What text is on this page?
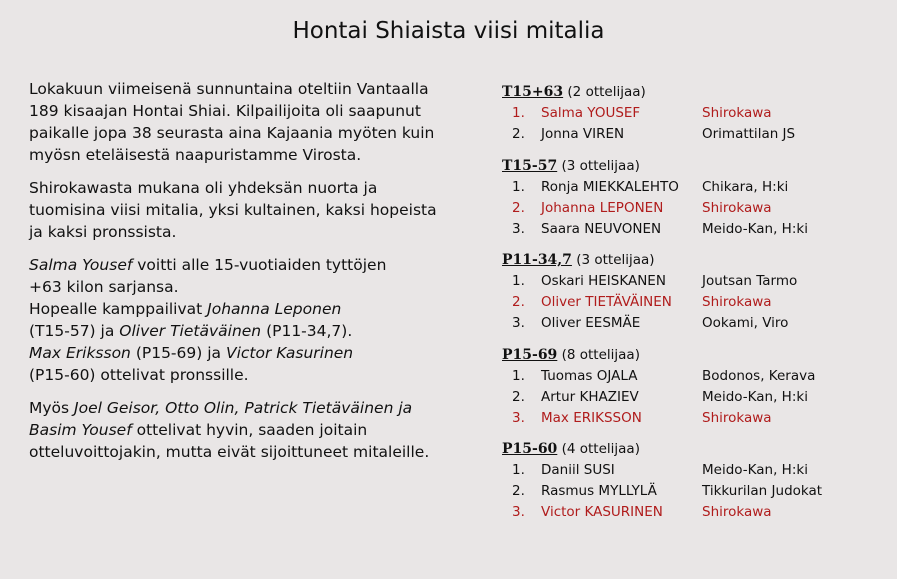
Hontai Shiaista viisi mitalia

Lokakuun viimeisenä sunnuntaina oteltiin Vantaalla
189 kisaajan Hontai Shiai. Kilpailijoita oli saapunut
paikalle jopa 38 seurasta aina Kajaania myöten kuin
myösn eteläisestä naapuristamme Virosta.

Shirokawasta mukana oli yhdeksän nuorta ja
tuomisina viisi mitalia, yksi kultainen, kaksi hopeista
ja kaksi pronssista.

Salma Yousef voitti alle 15-vuotiaiden tyttöjen
+63 kilon sarjansa.
Hopealle kamppailivat Johanna Leponen
(T15-57) ja Oliver Tietäväinen (P11-34,7).
Max Eriksson (P15-69) ja Victor Kasurinen
(P15-60) ottelivat pronssille.

Myös Joel Geisor, Otto Olin, Patrick Tietäväinen ja
Basim Yousef ottelivat hyvin, saaden joitain
otteluvoittojakin, mutta eivät sijoittuneet mitaleille.

T15+63 (2 ottelijaa)
1. Salma YOUSEF	Shirokawa
2. Jonna VIREN	Orimattilan JS
T15-57 (3 ottelijaa)
1. Ronja MIEKKALEHTO Chikara, H:ki
2. Johanna LEPONEN	Shirokawa
3. Saara NEUVONEN	Meido-Kan, H:ki
P11-34,7 (3 ottelijaa)
1. Oskari HEISKANEN	Joutsan Tarmo
2. Oliver TIETÄVÄINEN Shirokawa
3. Oliver EESMÄE	Ookami, Viro
P15-69 (8 ottelijaa)
1. Tuomas OJALA	Bodonos, Kerava
2. Artur KHAZIEV	Meido-Kan, H:ki
3. Max ERIKSSON	Shirokawa
P15-60 (4 ottelijaa)
1. Daniil SUSI	Meido-Kan, H:ki
2. Rasmus MYLLYLÄ	Tikkurilan Judokat
3. Victor KASURINEN	Shirokawa
